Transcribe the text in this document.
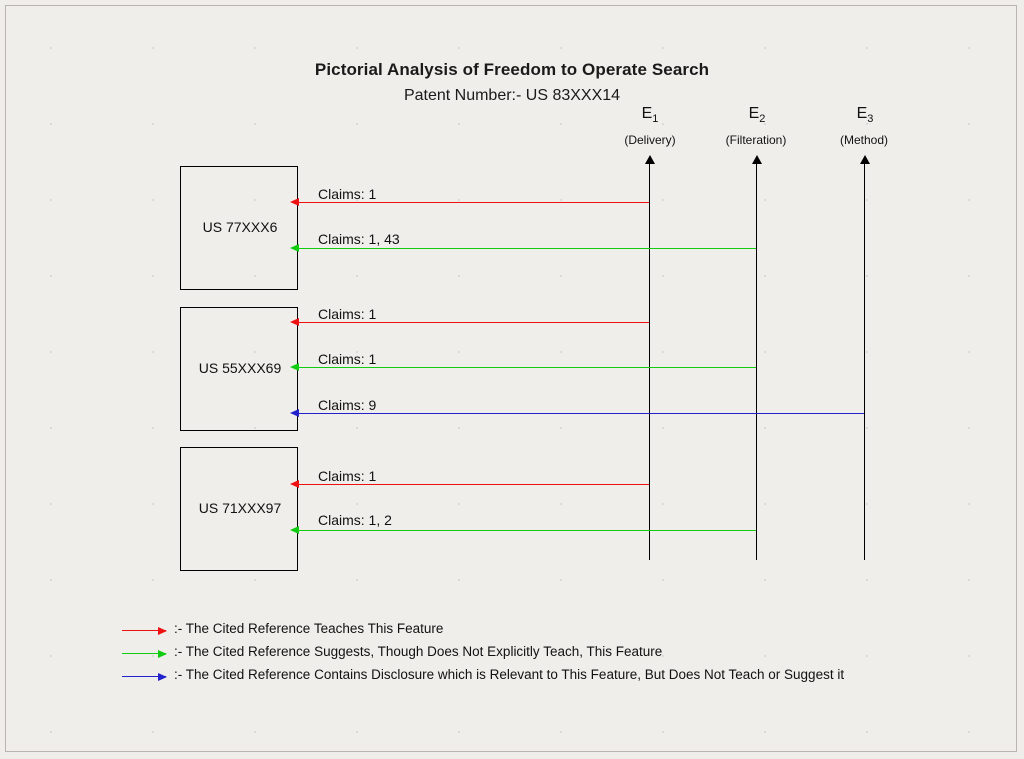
Pictorial Analysis of Freedom to Operate Search
Patent Number:- US 83XXX14
$E_1$
(Delivery)
$E_2$
(Filteration)
$E_3$
(Method)
US 77XXX6
US 55XXX69
US 71XXX97
Claims: 1
Claims: 1, 43
Claims: 1
Claims: 1
Claims: 9
Claims: 1
Claims: 1, 2
:- The Cited Reference Teaches This Feature
:- The Cited Reference Suggests, Though Does Not Explicitly Teach, This Feature
:- The Cited Reference Contains Disclosure which is Relevant to This Feature, But Does Not Teach or Suggest it
